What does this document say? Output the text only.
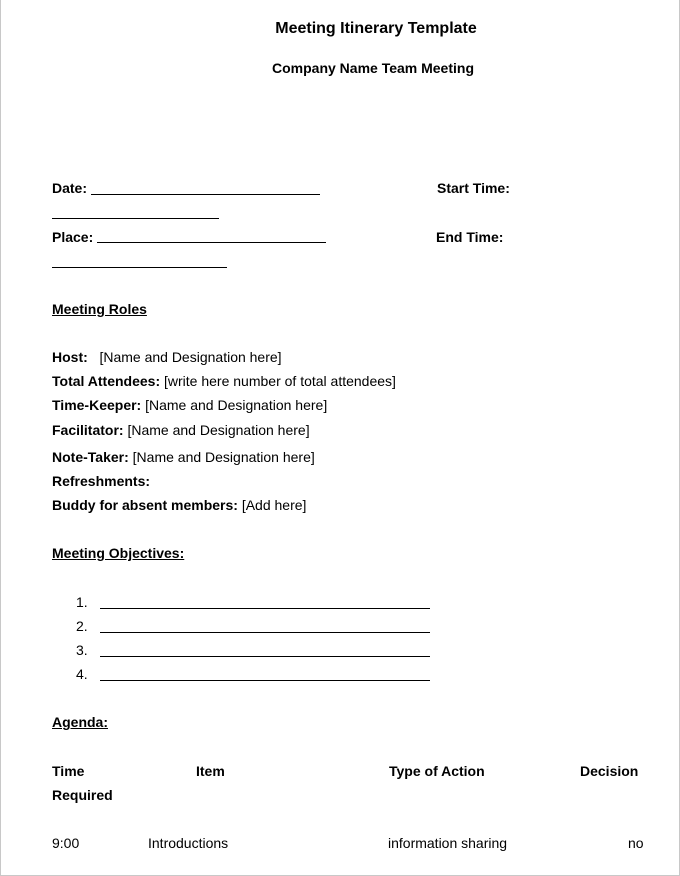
Meeting Itinerary Template
Company Name Team Meeting
Date:	Start Time:
Place:	End Time:
Meeting Roles
Host:   [Name and Designation here]
Total Attendees: [write here number of total attendees]
Time-Keeper: [Name and Designation here]
Facilitator: [Name and Designation here]
Note-Taker: [Name and Designation here]
Refreshments:
Buddy for absent members: [Add here]
Meeting Objectives:
1.
2.
3.
4.
Agenda:
Time	Item	Type of Action	Decision
Required
9:00	Introductions	information sharing	no
